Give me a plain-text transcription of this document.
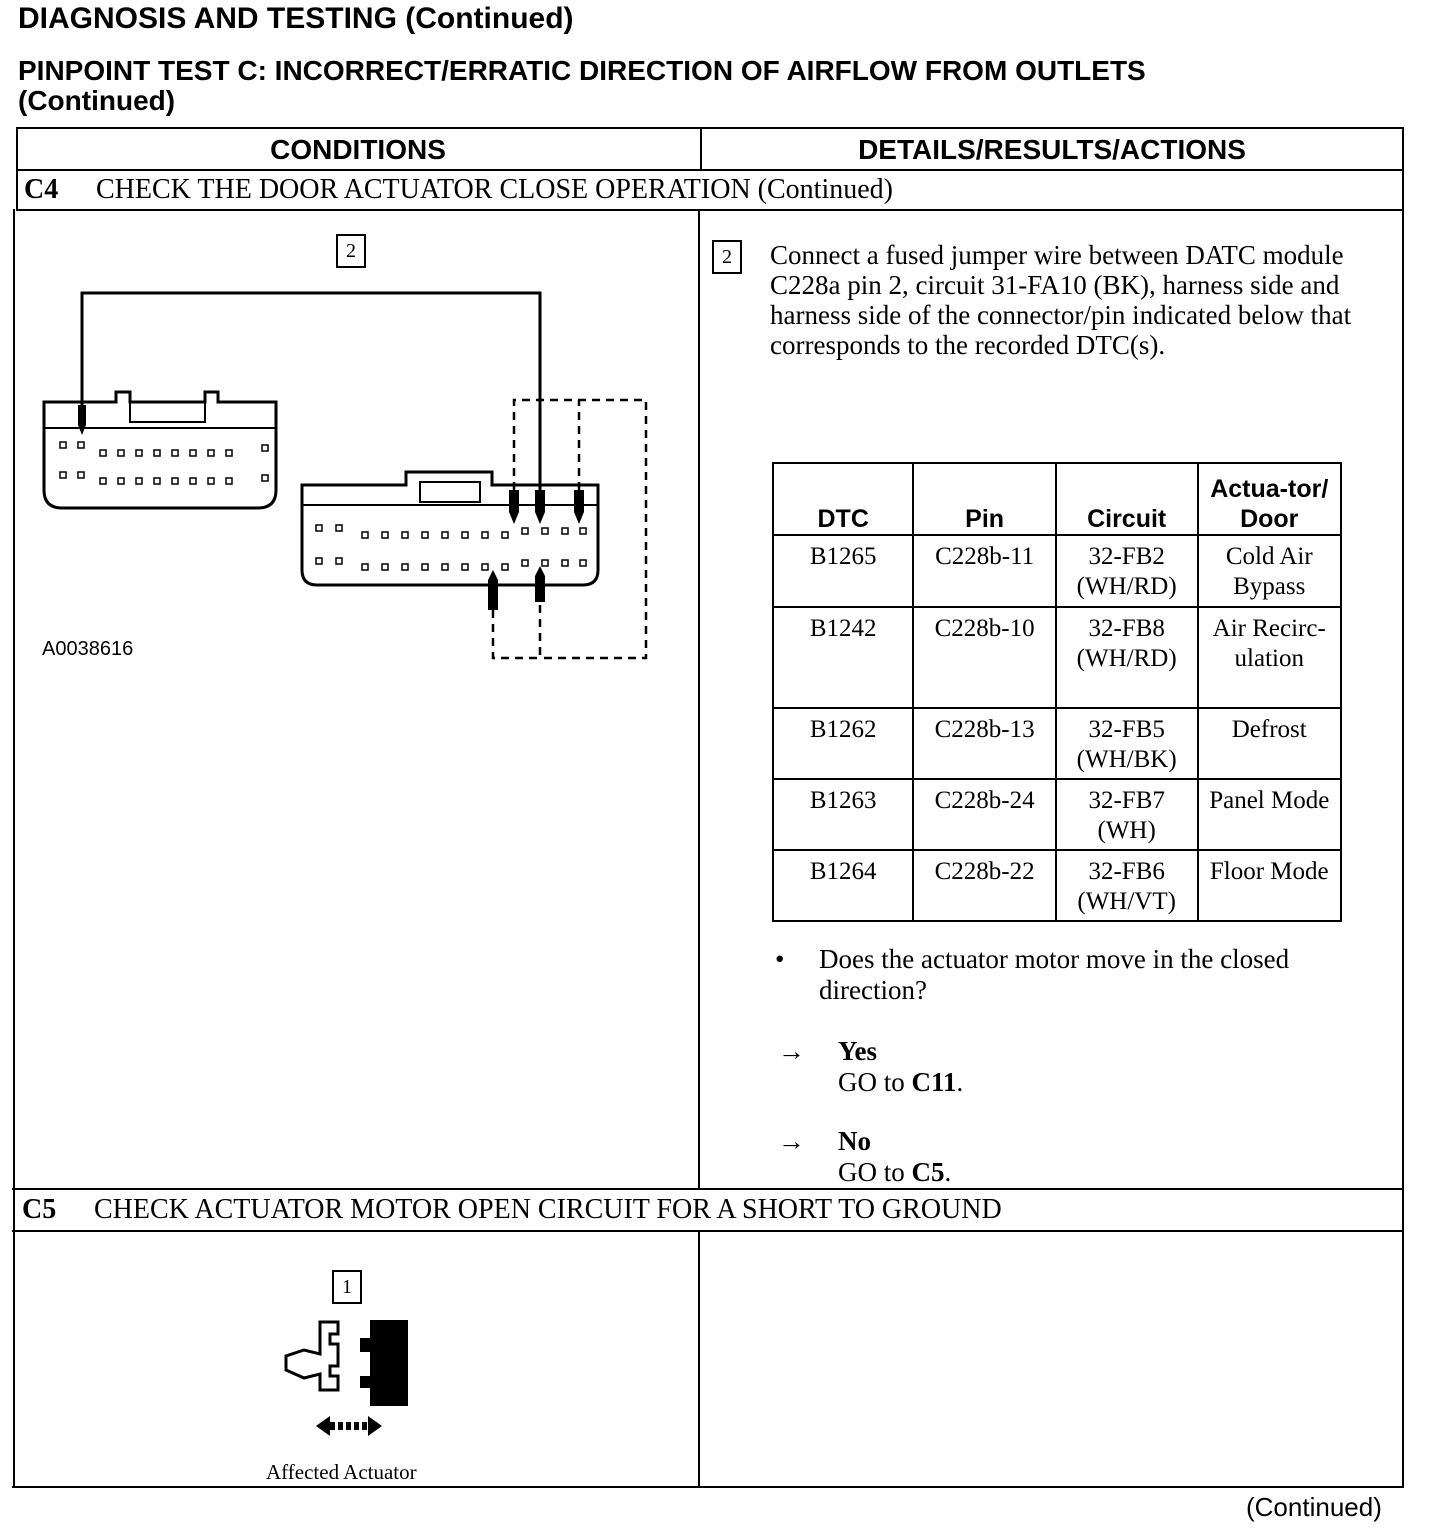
DIAGNOSIS AND TESTING (Continued)
PINPOINT TEST C: INCORRECT/ERRATIC DIRECTION OF AIRFLOW FROM OUTLETS
(Continued)
CONDITIONS	DETAILS/RESULTS/ACTIONS
C4 CHECK THE DOOR ACTUATOR CLOSE OPERATION (Continued)
2
A0038616
2	Connect a fused jumper wire between DATC module C228a pin 2, circuit 31-FA10 (BK), harness side and harness side of the connector/pin indicated below that corresponds to the recorded DTC(s).
DTC	Pin	Circuit	Actua-tor/ Door
B1265	C228b-11	32-FB2 (WH/RD)	Cold Air Bypass
B1242	C228b-10	32-FB8 (WH/RD)	Air Recirc-ulation
B1262	C228b-13	32-FB5 (WH/BK)	Defrost
B1263	C228b-24	32-FB7 (WH)	Panel Mode
B1264	C228b-22	32-FB6 (WH/VT)	Floor Mode
• Does the actuator motor move in the closed direction?
→ Yes
GO to C11.
→ No
GO to C5.
C5 CHECK ACTUATOR MOTOR OPEN CIRCUIT FOR A SHORT TO GROUND
1
Affected Actuator
(Continued)
